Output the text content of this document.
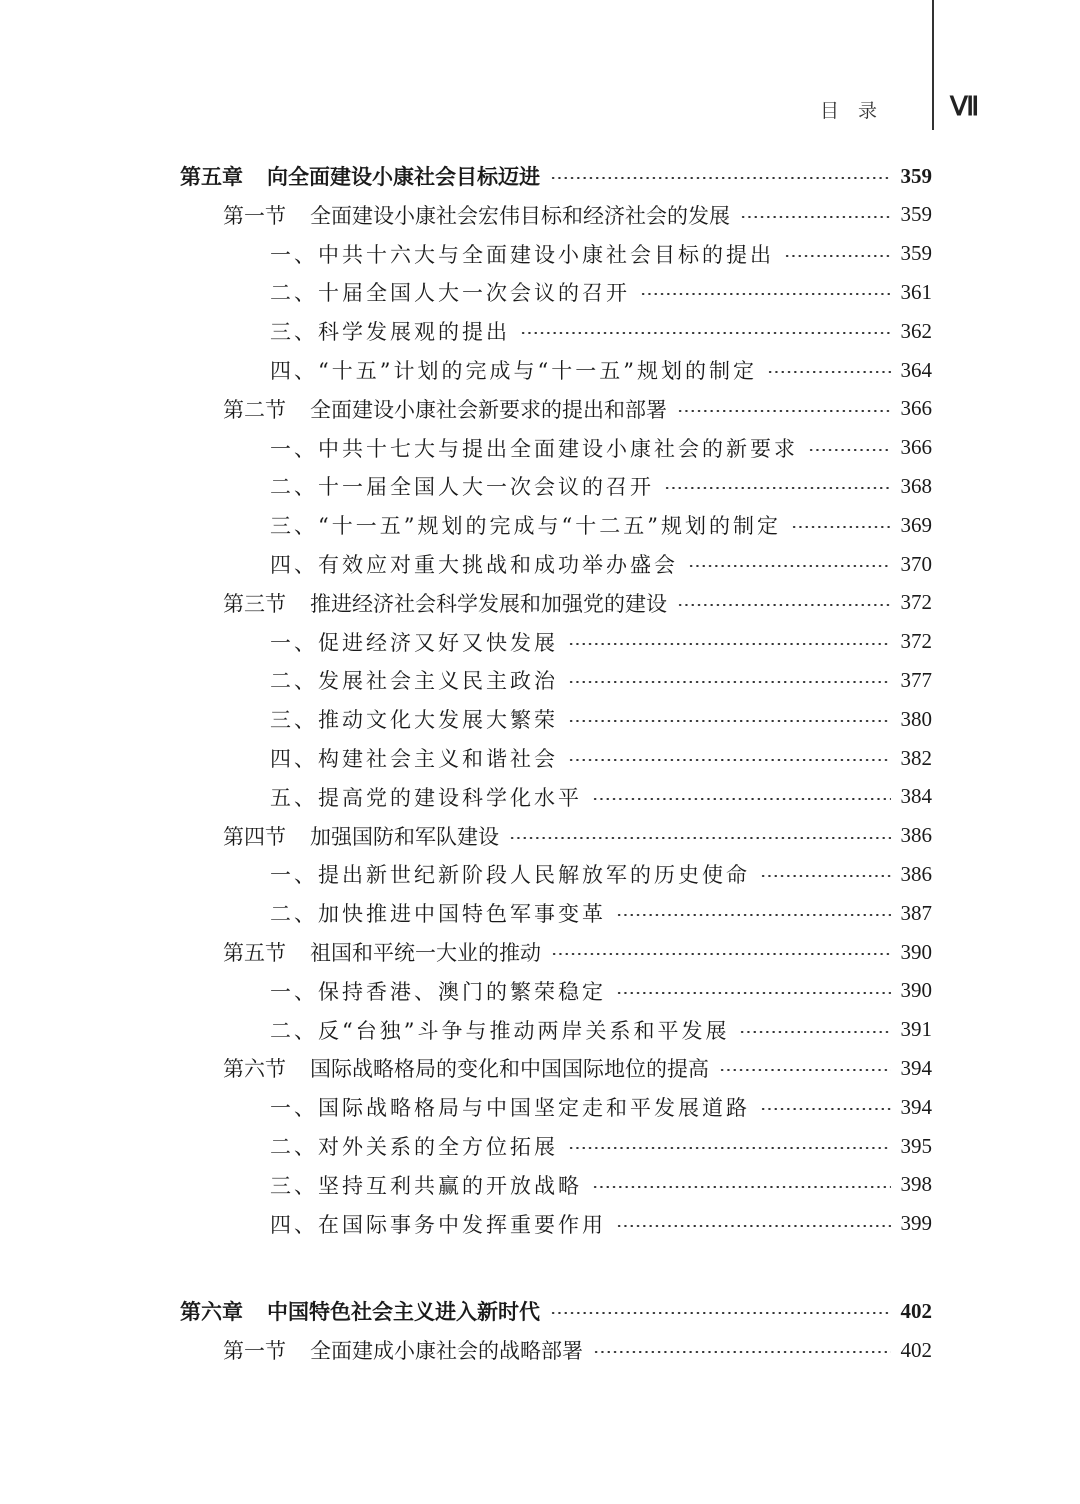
目　录	Ⅶ
第五章 向全面建设小康社会目标迈进	359
第一节 全面建设小康社会宏伟目标和经济社会的发展	359
一、中共十六大与全面建设小康社会目标的提出	359
二、十届全国人大一次会议的召开	361
三、科学发展观的提出	362
四、“十五”计划的完成与“十一五”规划的制定	364
第二节 全面建设小康社会新要求的提出和部署	366
一、中共十七大与提出全面建设小康社会的新要求	366
二、十一届全国人大一次会议的召开	368
三、“十一五”规划的完成与“十二五”规划的制定	369
四、有效应对重大挑战和成功举办盛会	370
第三节 推进经济社会科学发展和加强党的建设	372
一、促进经济又好又快发展	372
二、发展社会主义民主政治	377
三、推动文化大发展大繁荣	380
四、构建社会主义和谐社会	382
五、提高党的建设科学化水平	384
第四节 加强国防和军队建设	386
一、提出新世纪新阶段人民解放军的历史使命	386
二、加快推进中国特色军事变革	387
第五节 祖国和平统一大业的推动	390
一、保持香港、澳门的繁荣稳定	390
二、反“台独”斗争与推动两岸关系和平发展	391
第六节 国际战略格局的变化和中国国际地位的提高	394
一、国际战略格局与中国坚定走和平发展道路	394
二、对外关系的全方位拓展	395
三、坚持互利共赢的开放战略	398
四、在国际事务中发挥重要作用	399
第六章 中国特色社会主义进入新时代	402
第一节 全面建成小康社会的战略部署	402
